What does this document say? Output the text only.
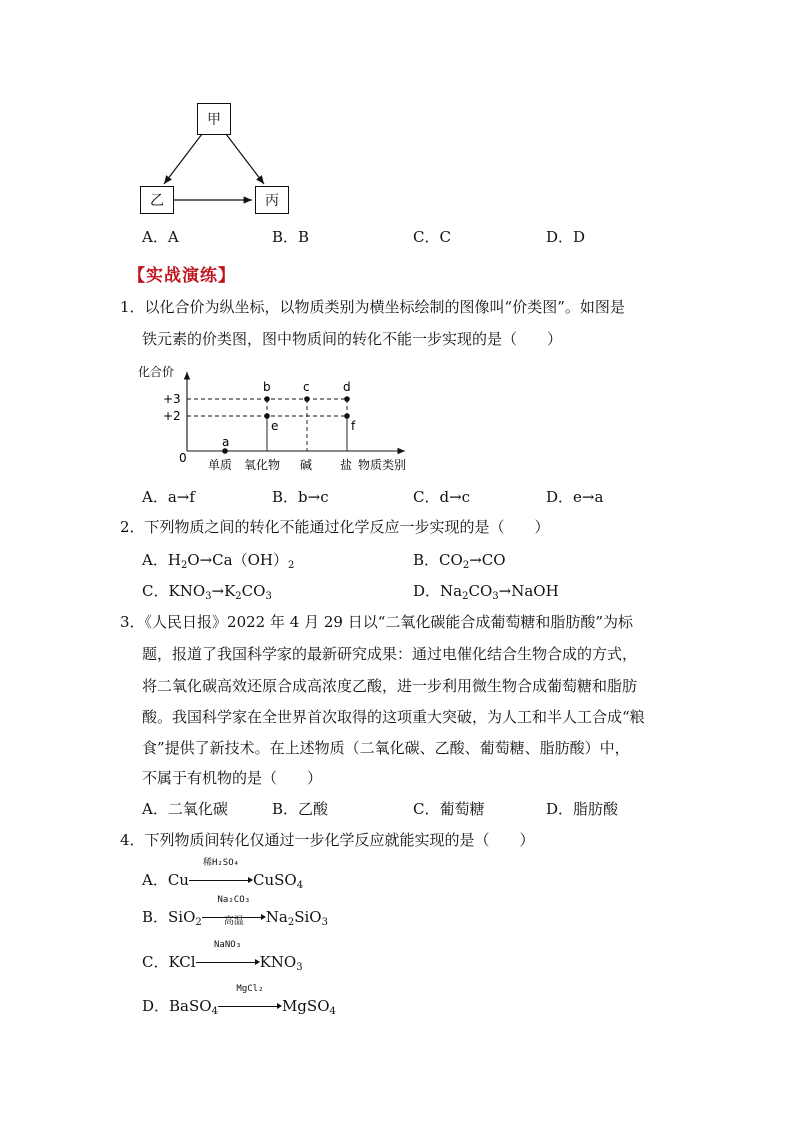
甲
乙	丙
A．A	B．B	C．C	D．D
【实战演练】
1．以化合价为纵坐标，以物质类别为横坐标绘制的图像叫“价类图”。如图是
铁元素的价类图，图中物质间的转化不能一步实现的是（　　）
化合价
物质类别
0
+3
+2
单质 氧化物 碱 盐
a
b	c	d
e	f
A．a→f	B．b→c	C．d→c	D．e→a
2．下列物质之间的转化不能通过化学反应一步实现的是（　　）
A．$H_2O\to Ca(OH)_2$	B．$CO_2\to CO$
C．$KNO_3\to K_2CO_3$	D．$Na_2CO_3\to NaOH$
3．《人民日报》2022 年 4 月 29 日以“二氧化碳能合成葡萄糖和脂肪酸”为标
题，报道了我国科学家的最新研究成果：通过电催化结合生物合成的方式，
将二氧化碳高效还原合成高浓度乙酸，进一步利用微生物合成葡萄糖和脂肪
酸。我国科学家在全世界首次取得的这项重大突破，为人工和半人工合成“粮
食”提供了新技术。在上述物质（二氧化碳、乙酸、葡萄糖、脂肪酸）中，
不属于有机物的是（　　）
A．二氧化碳	B．乙酸	C．葡萄糖	D．脂肪酸
4．下列物质间转化仅通过一步化学反应就能实现的是（　　）
A．Cu
稀H₂SO₄
CuSO$_4$
B．SiO$_2$
Na₂CO₃
高温	$Na_2SiO_3$
C．KCl
NaNO₃
$KNO_3$
D．BaSO$_4$
MgCl₂
MgSO$_4$
